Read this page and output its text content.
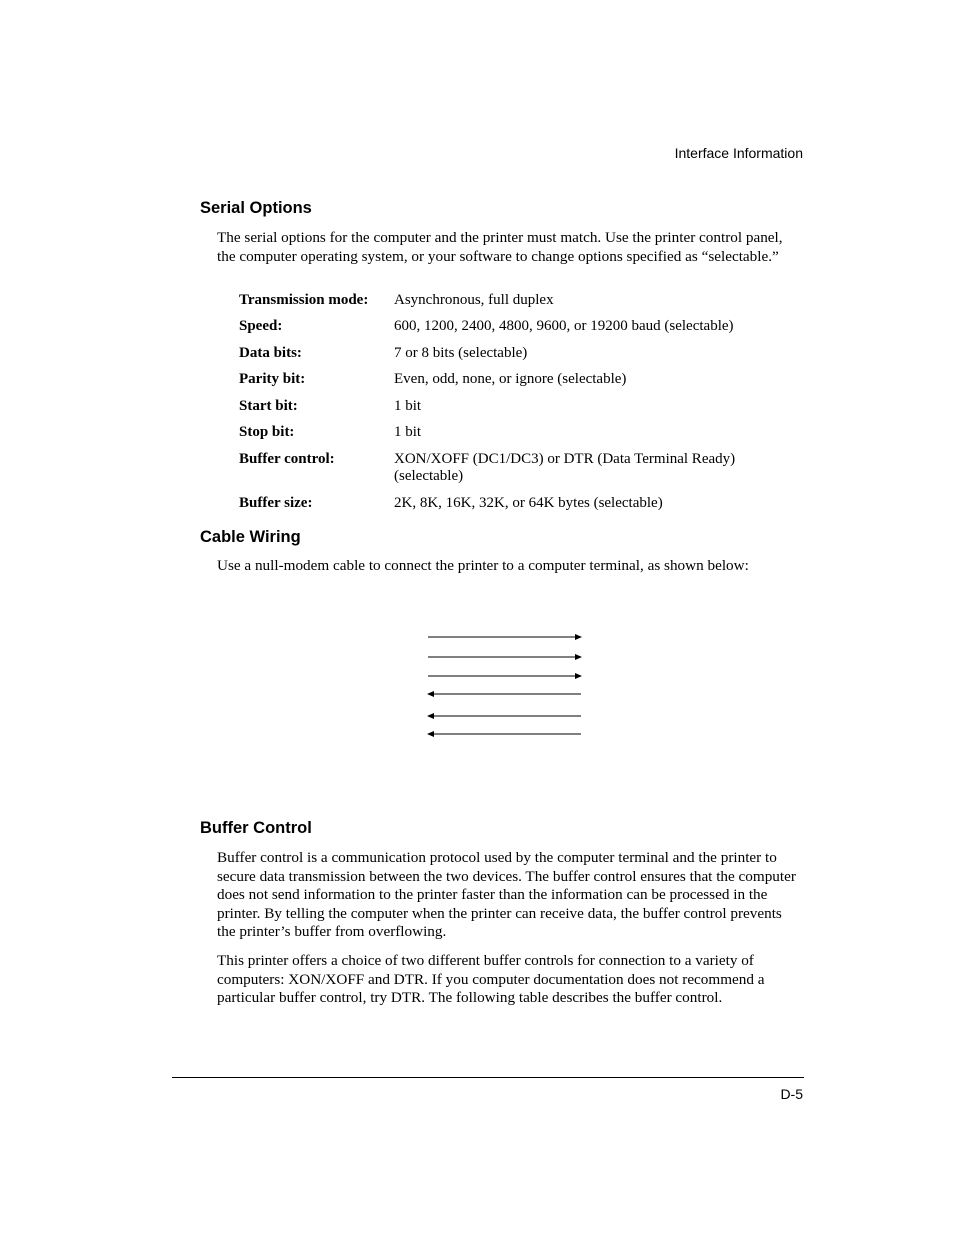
Interface Information
Serial Options

The serial options for the computer and the printer must match. Use the printer control panel, the computer operating system, or your software to change options specified as “selectable.”

Transmission mode:	Asynchronous, full duplex
Speed:	600, 1200, 2400, 4800, 9600, or 19200 baud (selectable)
Data bits:	7 or 8 bits (selectable)
Parity bit:	Even, odd, none, or ignore (selectable)
Start bit:	1 bit
Stop bit:	1 bit
Buffer control:	XON/XOFF (DC1/DC3) or DTR (Data Terminal Ready) (selectable)
Buffer size:	2K, 8K, 16K, 32K, or 64K bytes (selectable)
Cable Wiring

Use a null-modem cable to connect the printer to a computer terminal, as shown below:

Buffer Control

Buffer control is a communication protocol used by the computer terminal and the printer to secure data transmission between the two devices. The buffer control ensures that the computer does not send information to the printer faster than the information can be processed in the printer. By telling the computer when the printer can receive data, the buffer control prevents the printer’s buffer from overflowing.

This printer offers a choice of two different buffer controls for connection to a variety of computers: XON/XOFF and DTR. If you computer documentation does not recommend a particular buffer control, try DTR. The following table describes the buffer control.

D-5
